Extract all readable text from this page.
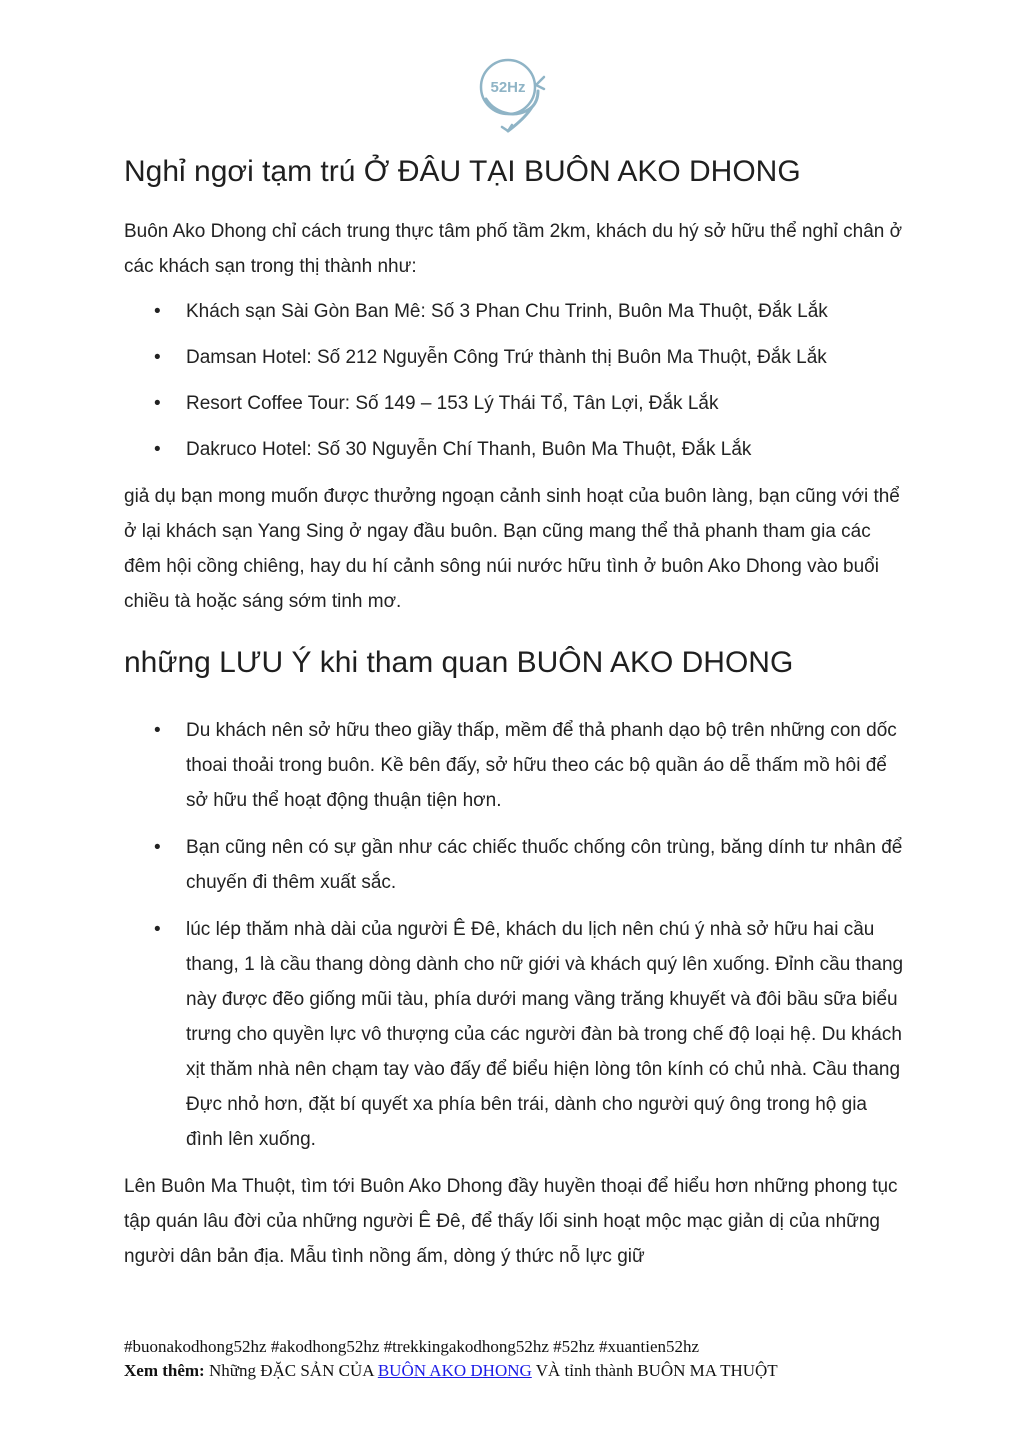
52Hz
Nghỉ ngơi tạm trú Ở ĐÂU TẠI BUÔN AKO DHONG

Buôn Ako Dhong chỉ cách trung thực tâm phố tầm 2km, khách du hý sở hữu thể nghỉ chân ở các khách sạn trong thị thành như:

• Khách sạn Sài Gòn Ban Mê: Số 3 Phan Chu Trinh, Buôn Ma Thuột, Đắk Lắk
• Damsan Hotel: Số 212 Nguyễn Công Trứ thành thị Buôn Ma Thuột, Đắk Lắk
• Resort Coffee Tour: Số 149 – 153 Lý Thái Tổ, Tân Lợi, Đắk Lắk
• Dakruco Hotel: Số 30 Nguyễn Chí Thanh, Buôn Ma Thuột, Đắk Lắk

giả dụ bạn mong muốn được thưởng ngoạn cảnh sinh hoạt của buôn làng, bạn cũng với thể ở lại khách sạn Yang Sing ở ngay đầu buôn. Bạn cũng mang thể thả phanh tham gia các đêm hội cồng chiêng, hay du hí cảnh sông núi nước hữu tình ở buôn Ako Dhong vào buổi chiều tà hoặc sáng sớm tinh mơ.

những LƯU Ý khi tham quan BUÔN AKO DHONG
• Du khách nên sở hữu theo giầy thấp, mềm để thả phanh dạo bộ trên những con dốc thoai thoải trong buôn. Kề bên đấy, sở hữu theo các bộ quần áo dễ thấm mồ hôi để sở hữu thể hoạt động thuận tiện hơn.
• Bạn cũng nên có sự gần như các chiếc thuốc chống côn trùng, băng dính tư nhân để chuyến đi thêm xuất sắc.
• lúc lép thăm nhà dài của người Ê Đê, khách du lịch nên chú ý nhà sở hữu hai cầu thang, 1 là cầu thang dòng dành cho nữ giới và khách quý lên xuống. Đỉnh cầu thang này được đẽo giống mũi tàu, phía dưới mang vầng trăng khuyết và đôi bầu sữa biểu trưng cho quyền lực vô thượng của các người đàn bà trong chế độ loại hệ. Du khách xịt thăm nhà nên chạm tay vào đấy để biểu hiện lòng tôn kính có chủ nhà. Cầu thang Đực nhỏ hơn, đặt bí quyết xa phía bên trái, dành cho người quý ông trong hộ gia đình lên xuống.

Lên Buôn Ma Thuột, tìm tới Buôn Ako Dhong đầy huyền thoại để hiểu hơn những phong tục tập quán lâu đời của những người Ê Đê, để thấy lối sinh hoạt mộc mạc giản dị của những người dân bản địa. Mẫu tình nồng ấm, dòng ý thức nỗ lực giữ

#buonakodhong52hz #akodhong52hz #trekkingakodhong52hz #52hz #xuantien52hz
Xem thêm: Những ĐẶC SẢN CỦA BUÔN AKO DHONG VÀ tỉnh thành BUÔN MA THUỘT
